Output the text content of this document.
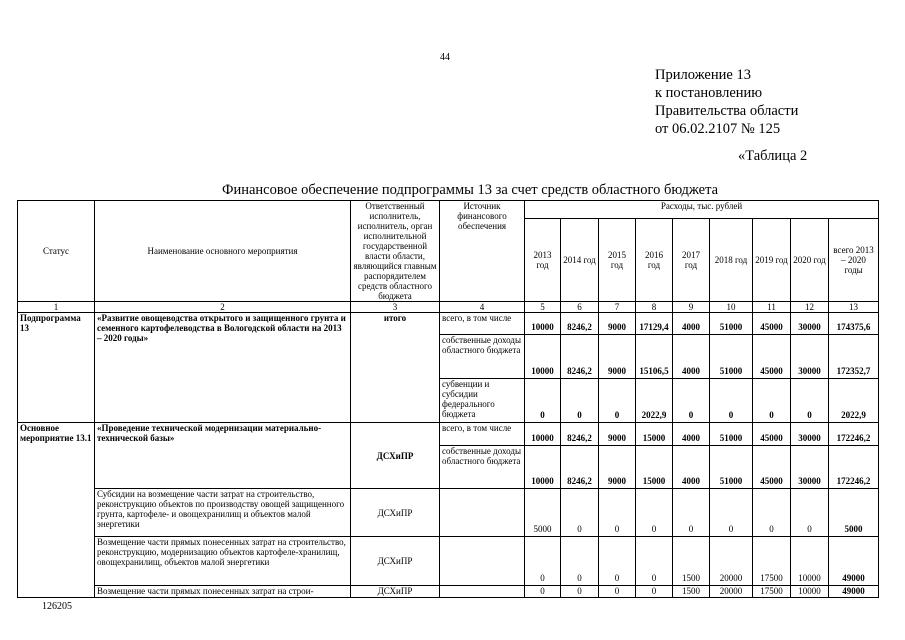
44
Приложение 13
к постановлению
Правительства области
от 06.02.2107 № 125
«Таблица 2
Финансовое обеспечение подпрограммы 13 за счет средств областного бюджета
Статус	Наименование основного мероприятия	Ответственный исполнитель, исполнитель, орган исполнительной государственной власти области, являющийся главным распорядителем средств областного бюджета	Источник финансового обеспечения	Расходы, тыс. рублей								
				2013 год	2014 год	2015 год	2016 год	2017 год	2018 год	2019 год	2020 год	всего 2013 – 2020 годы
1	2	3	4	5	6	7	8	9	10	11	12	13
Подпрограмма 13	«Развитие овощеводства открытого и защищенного грунта и семенного картофелеводства в Вологодской области на 2013 – 2020 годы»	итого	всего, в том числе	10000	8246,2	9000	17129,4	4000	51000	45000	30000	174375,6
			собственные доходы областного бюджета	10000	8246,2	9000	15106,5	4000	51000	45000	30000	172352,7
			субвенции и субсидии федерального бюджета	0	0	0	2022,9	0	0	0	0	2022,9
Основное мероприятие 13.1	«Проведение технической модернизации материально-технической базы»	ДСХиПР	всего, в том числе	10000	8246,2	9000	15000	4000	51000	45000	30000	172246,2
			собственные доходы областного бюджета	10000	8246,2	9000	15000	4000	51000	45000	30000	172246,2
	Субсидии на возмещение части затрат на строительство, реконструкцию объектов по производству овощей защищенного грунта, картофеле- и овощехранилищ и объектов малой энергетики	ДСХиПР		5000	0	0	0	0	0	0	0	5000
	Возмещение части прямых понесенных затрат на строительство, реконструкцию, модернизацию объектов картофеле-хранилищ, овощехранилищ, объектов малой энергетики	ДСХиПР		0	0	0	0	1500	20000	17500	10000	49000
	Возмещение части прямых понесенных затрат на строи-	ДСХиПР		0	0	0	0	1500	20000	17500	10000	49000
126205
